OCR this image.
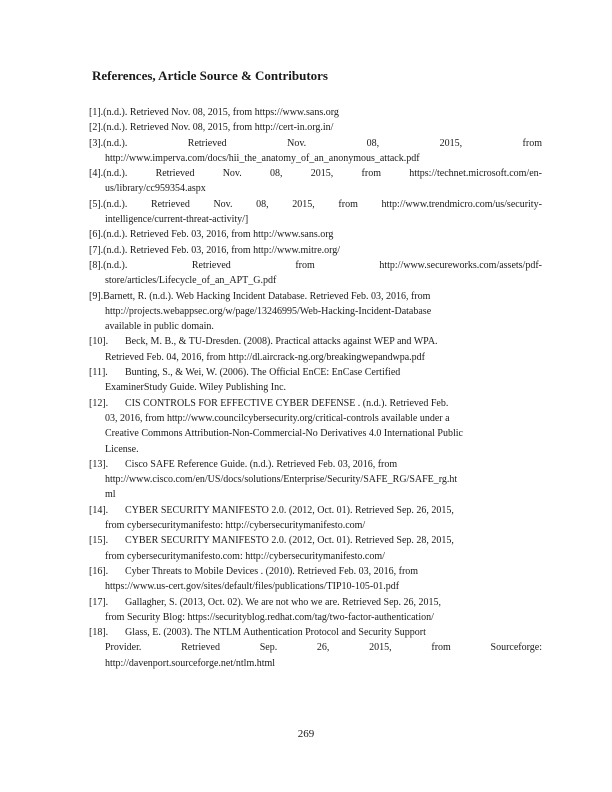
References, Article Source & Contributors
[1].(n.d.). Retrieved Nov. 08, 2015, from https://www.sans.org
[2].(n.d.). Retrieved Nov. 08, 2015, from http://cert-in.org.in/
[3].(n.d.).	Retrieved	Nov.	08,	2015,	from
http://www.imperva.com/docs/hii_the_anatomy_of_an_anonymous_attack.pdf
[4].(n.d.).	Retrieved	Nov.	08,	2015,	from	https://technet.microsoft.com/en-
us/library/cc959354.aspx
[5].(n.d.). Retrieved Nov. 08, 2015, from http://www.trendmicro.com/us/security-
intelligence/current-threat-activity/]
[6].(n.d.). Retrieved Feb. 03, 2016, from http://www.sans.org
[7].(n.d.). Retrieved Feb. 03, 2016, from http://www.mitre.org/
[8].(n.d.).	Retrieved	from	http://www.secureworks.com/assets/pdf-
store/articles/Lifecycle_of_an_APT_G.pdf
[9].Barnett, R. (n.d.). Web Hacking Incident Database. Retrieved Feb. 03, 2016, from
http://projects.webappsec.org/w/page/13246995/Web-Hacking-Incident-Database
available in public domain.
[10]. Beck, M. B., & TU-Dresden. (2008). Practical attacks against WEP and WPA.
Retrieved Feb. 04, 2016, from http://dl.aircrack-ng.org/breakingwepandwpa.pdf
[11]. Bunting, S., & Wei, W. (2006). The Official EnCE: EnCase Certified
ExaminerStudy Guide. Wiley Publishing Inc.
[12]. CIS CONTROLS FOR EFFECTIVE CYBER DEFENSE . (n.d.). Retrieved Feb.
03, 2016, from http://www.councilcybersecurity.org/critical-controls available under a
Creative Commons Attribution-Non-Commercial-No Derivatives 4.0 International Public
License.
[13]. Cisco SAFE Reference Guide. (n.d.). Retrieved Feb. 03, 2016, from
http://www.cisco.com/en/US/docs/solutions/Enterprise/Security/SAFE_RG/SAFE_rg.ht
ml
[14]. CYBER SECURITY MANIFESTO 2.0. (2012, Oct. 01). Retrieved Sep. 26, 2015,
from cybersecuritymanifesto: http://cybersecuritymanifesto.com/
[15]. CYBER SECURITY MANIFESTO 2.0. (2012, Oct. 01). Retrieved Sep. 28, 2015,
from cybersecuritymanifesto.com: http://cybersecuritymanifesto.com/
[16]. Cyber Threats to Mobile Devices . (2010). Retrieved Feb. 03, 2016, from
https://www.us-cert.gov/sites/default/files/publications/TIP10-105-01.pdf
[17]. Gallagher, S. (2013, Oct. 02). We are not who we are. Retrieved Sep. 26, 2015,
from Security Blog: https://securityblog.redhat.com/tag/two-factor-authentication/
[18]. Glass, E. (2003). The NTLM Authentication Protocol and Security Support
Provider.	Retrieved	Sep.	26,	2015,	from	Sourceforge:
http://davenport.sourceforge.net/ntlm.html
269
